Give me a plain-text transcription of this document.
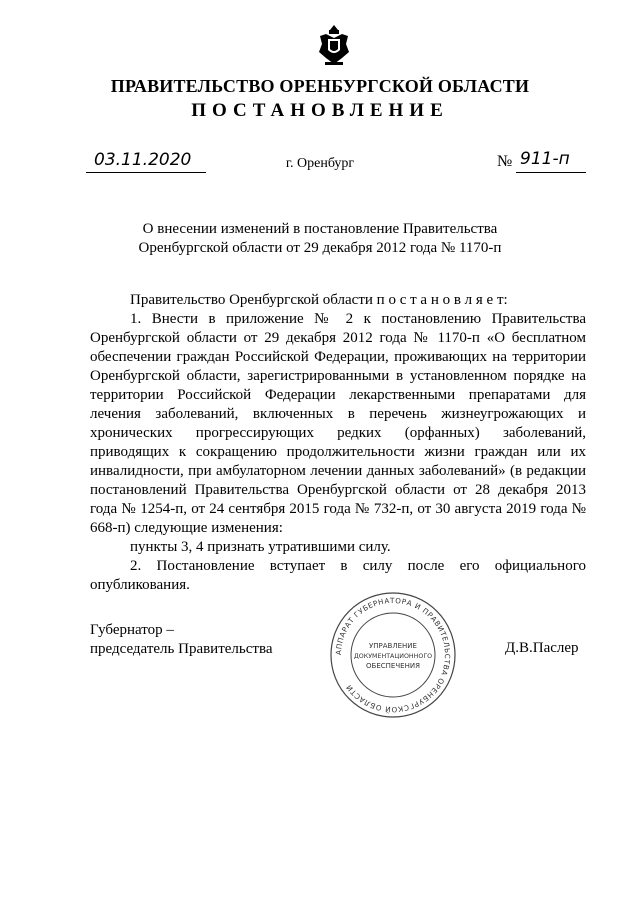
ПРАВИТЕЛЬСТВО ОРЕНБУРГСКОЙ ОБЛАСТИ
ПОСТАНОВЛЕНИЕ
03.11.2020	г. Оренбург	№ 911-п
О внесении изменений в постановление Правительства
Оренбургской области от 29 декабря 2012 года № 1170-п

Правительство Оренбургской области п о с т а н о в л я е т:

1. Внести в приложение № 2 к постановлению Правительства Оренбургской области от 29 декабря 2012 года № 1170-п «О бесплатном обеспечении граждан Российской Федерации, проживающих на территории Оренбургской области, зарегистрированными в установленном порядке на территории Российской Федерации лекарственными препаратами для лечения заболеваний, включенных в перечень жизнеугрожающих и хронических прогрессирующих редких (орфанных) заболеваний, приводящих к сокращению продолжительности жизни граждан или их инвалидности, при амбулаторном лечении данных заболеваний» (в редакции постановлений Правительства Оренбургской области от 28 декабря 2013 года № 1254-п, от 24 сентября 2015 года № 732-п, от 30 августа 2019 года № 668-п) следующие изменения:

пункты 3, 4 признать утратившими силу.

2. Постановление вступает в силу после его официального опубликования.

Губернатор –
председатель Правительства	Д.В.Паслер
АППАРАТ ГУБЕРНАТОРА И ПРАВИТЕЛЬСТВА ОРЕНБУРГСКОЙ ОБЛАСТИ
УПРАВЛЕНИЕ
ДОКУМЕНТАЦИОННОГО
ОБЕСПЕЧЕНИЯ
